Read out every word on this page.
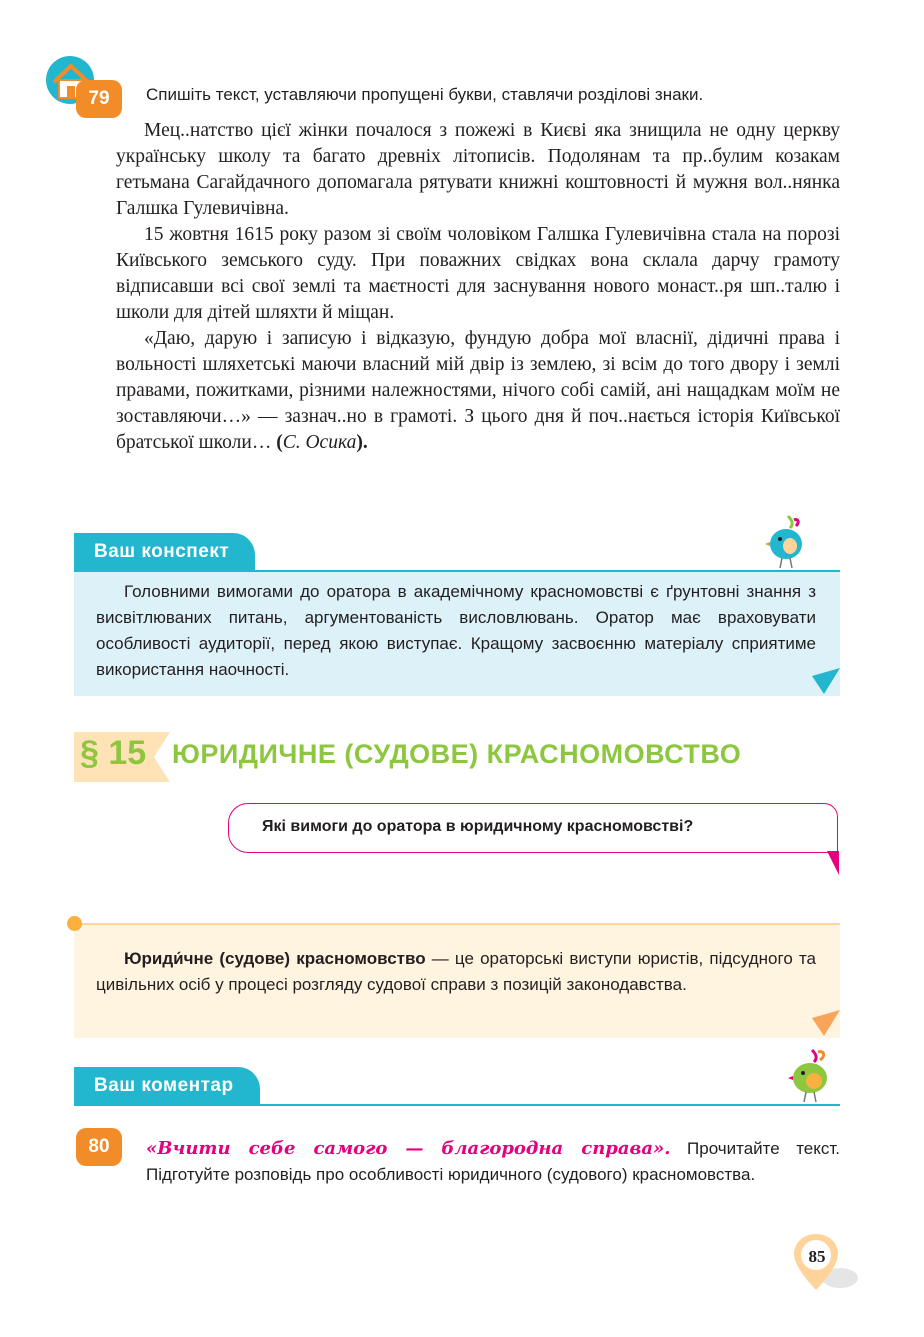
79	Спишіть текст, уставляючи пропущені букви, ставлячи розділові знаки.

Мец..натство цієї жінки почалося з пожежі в Києві яка знищила не одну церкву українську школу та багато древніх літописів. Подолянам та пр..булим козакам гетьмана Сагайдачного допомагала рятувати книжні коштовності й мужня вол..нянка Галшка Гулевичівна.

15 жовтня 1615 року разом зі своїм чоловіком Галшка Гулевичівна стала на порозі Київського земського суду. При поважних свідках вона склала дарчу грамоту відписавши всі свої землі та маєтності для заснування нового монаст..ря шп..талю і школи для дітей шляхти й міщан.

«Даю, дарую і записую і відказую, фундую добра мої власнії, дідичні права і вольності шляхетські маючи власний мій двір із землею, зі всім до того двору і землі правами, пожитками, різними належностями, нічого собі самій, ані нащадкам моїм не зоставляючи…» — зазнач..но в грамоті. З цього дня й поч..нається історія Київської братської школи… (С. Осика).

Ваш конспект

Головними вимогами до оратора в академічному красномовстві є ґрунтовні знання з висвітлюваних питань, аргументованість висловлювань. Оратор має враховувати особливості аудиторії, перед якою виступає. Кращому засвоєнню матеріалу сприятиме використання наочності.

§ 15 ЮРИДИЧНЕ (СУДОВЕ) КРАСНОМОВСТВО
Які вимоги до оратора в юридичному красномовстві?

Юриди́чне (судове) красномовство — це ораторські виступи юристів, підсудного та цивільних осіб у процесі розгляду судової справи з позицій законодавства.

Ваш коментар
80	«Вчити себе самого — благородна справа». Прочитайте текст. Підготуйте розповідь про особливості юридичного (судового) красномовства.
85
